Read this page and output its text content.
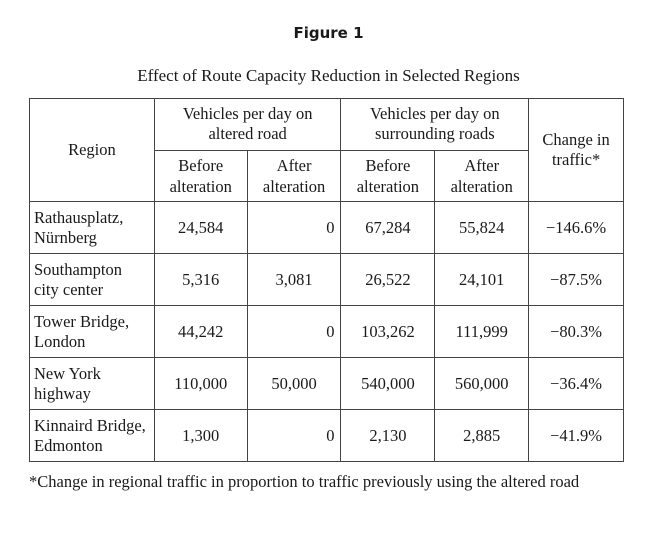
Figure 1
Effect of Route Capacity Reduction in Selected Regions
Region	Vehicles per day on altered road		Vehicles per day on surrounding roads		Change in traffic*
	Before alteration	After alteration	Before alteration	After alteration	
Rathausplatz, Nürnberg	24,584	0	67,284	55,824	−146.6%
Southampton city center	5,316	3,081	26,522	24,101	−87.5%
Tower Bridge, London	44,242	0	103,262	111,999	−80.3%
New York highway	110,000	50,000	540,000	560,000	−36.4%
Kinnaird Bridge, Edmonton	1,300	0	2,130	2,885	−41.9%
*Change in regional traffic in proportion to traffic previously using the altered road
